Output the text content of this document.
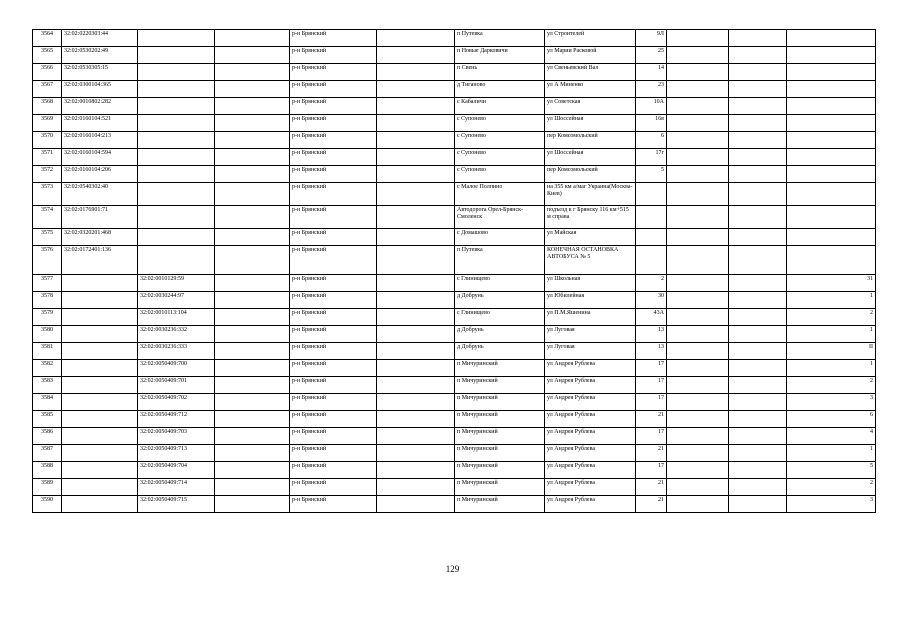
3564	32:02:0220303:44			р-н Брянский		п Путевка	ул Строителей	9Л			
3565	32:02:0530202:49			р-н Брянский		п Новые Дарковичи	ул Марии Расковой	25			
3566	32:02:0530305:15			р-н Брянский		п Свень	ул Свеньевский Вал	14			
3567	32:02:0300104:365			р-н Брянский		д Тиганово	ул А Миненко	23			
3568	32:02:0010802:282			р-н Брянский		с Кабаличи	ул Советская	10А			
3569	32:02:0160104:521			р-н Брянский		с Супонево	ул Шоссейная	16в			
3570	32:02:0160104:213			р-н Брянский		с Супонево	пер Комсомольский	6			
3571	32:02:0160104:594			р-н Брянский		с Супонево	ул Шоссейная	17г			
3572	32:02:0160104:206			р-н Брянский		с Супонево	пер Комсомольский	5			
3573	32:02:0540302:40			р-н Брянский		с Малое Полпино	на 355 км а/маг Украина(Москва-Киев)				
3574	32:02:0176901:71			р-н Брянский		Автодорога Орел-Брянск-Смоленск	подъезд к г Брянску 116 км+515 м справа				
3575	32:02:0320201:468			р-н Брянский		с Домашово	ул Майская				
3576	32:02:0172401:136			р-н Брянский		п Путевка	КОНЕЧНАЯ ОСТАНОВКА АВТОБУСА № 5				
3577		32:02:0010129:59		р-н Брянский		с Глинищево	ул Школьная	2			31
3578		32:02:0030244:97		р-н Брянский		д Добрунь	ул Юбилейная	30			1
3579		32:02:0010113:104		р-н Брянский		с Глинищево	ул П.М.Яшенина	43А			2
3580		32:02:0030236:332		р-н Брянский		д Добрунь	ул Луговая	13			1
3581		32:02:0030236:333		р-н Брянский		д Добрунь	ул Луговая	13			II
3582		32:02:0050409:700		р-н Брянский		п Мичуринский	ул Андрея Рублева	17			1
3583		32:02:0050409:701		р-н Брянский		п Мичуринский	ул Андрея Рублева	17			2
3584		32:02:0050409:702		р-н Брянский		п Мичуринский	ул Андрея Рублева	17			3
3585		32:02:0050409:712		р-н Брянский		п Мичуринский	ул Андрея Рублева	21			6
3586		32:02:0050409:703		р-н Брянский		п Мичуринский	ул Андрея Рублева	17			4
3587		32:02:0050409:713		р-н Брянский		п Мичуринский	ул Андрея Рублева	21			1
3588		32:02:0050409:704		р-н Брянский		п Мичуринский	ул Андрея Рублева	17			5
3589		32:02:0050409:714		р-н Брянский		п Мичуринский	ул Андрея Рублева	21			2
3590		32:02:0050409:715		р-н Брянский		п Мичуринский	ул Андрея Рублева	21			3
129
